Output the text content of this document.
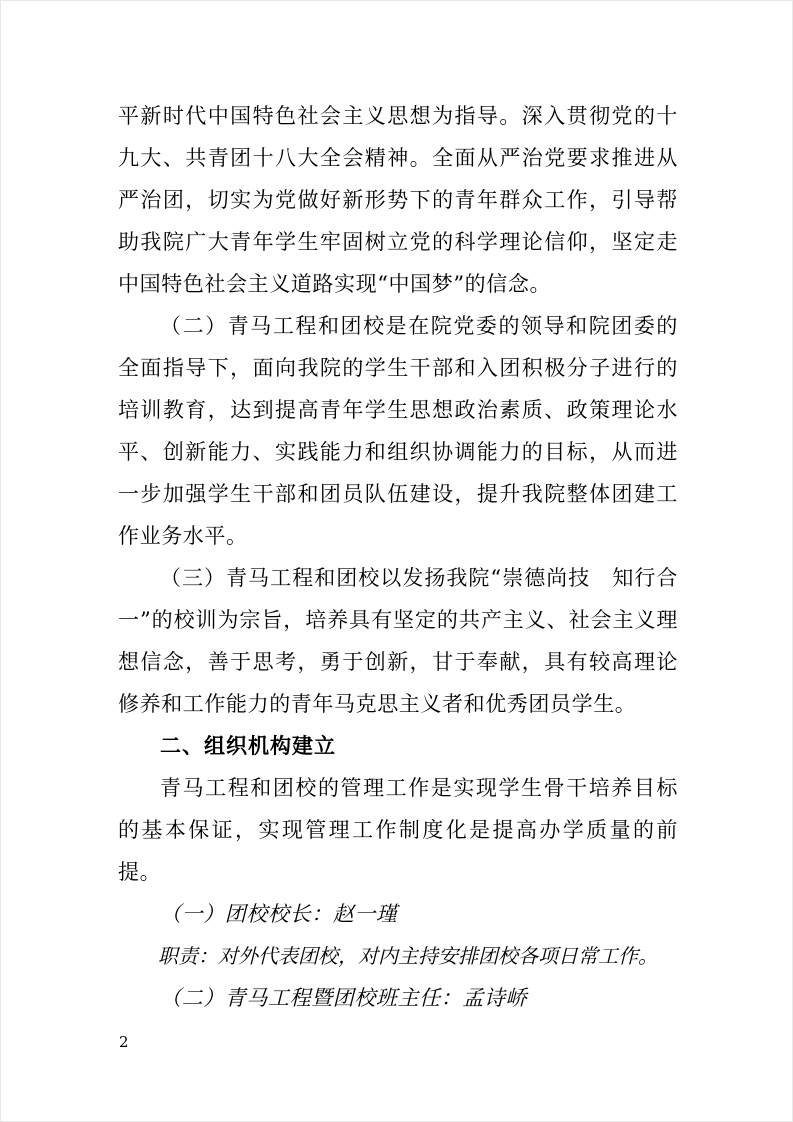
平新时代中国特色社会主义思想为指导。深入贯彻党的十九大、共青团十八大全会精神。全面从严治党要求推进从严治团，切实为党做好新形势下的青年群众工作，引导帮助我院广大青年学生牢固树立党的科学理论信仰，坚定走中国特色社会主义道路实现“中国梦”的信念。

（二）青马工程和团校是在院党委的领导和院团委的全面指导下，面向我院的学生干部和入团积极分子进行的培训教育，达到提高青年学生思想政治素质、政策理论水平、创新能力、实践能力和组织协调能力的目标，从而进一步加强学生干部和团员队伍建设，提升我院整体团建工作业务水平。

（三）青马工程和团校以发扬我院“崇德尚技　知行合一”的校训为宗旨，培养具有坚定的共产主义、社会主义理想信念，善于思考，勇于创新，甘于奉献，具有较高理论修养和工作能力的青年马克思主义者和优秀团员学生。

二、组织机构建立

青马工程和团校的管理工作是实现学生骨干培养目标的基本保证，实现管理工作制度化是提高办学质量的前提。

（一）团校校长：赵一瑾

职责：对外代表团校，对内主持安排团校各项日常工作。

（二）青马工程暨团校班主任：孟诗峤

2
